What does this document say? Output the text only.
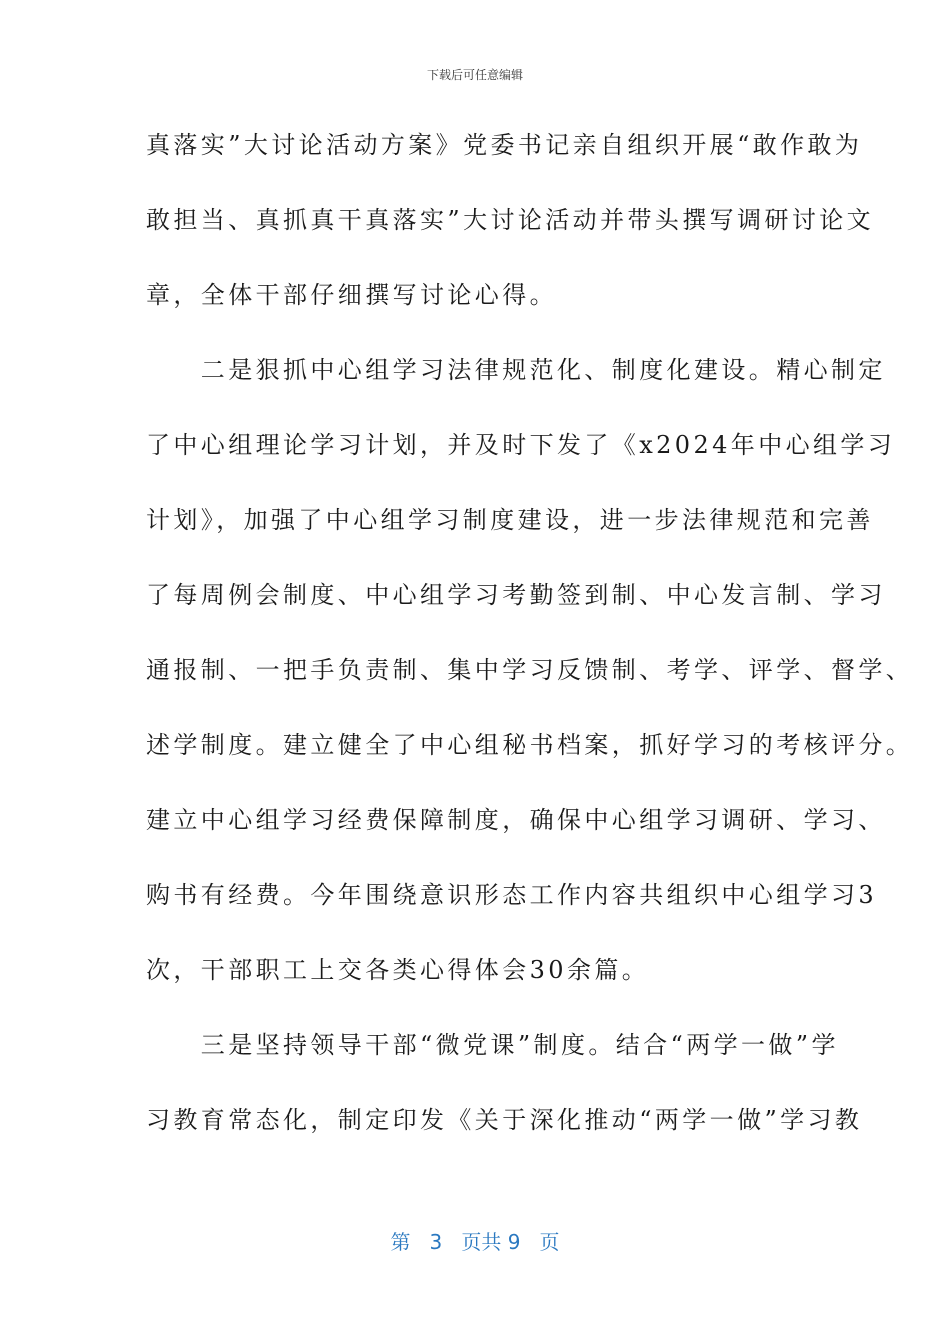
下载后可任意编辑
真落实”大讨论活动方案》党委书记亲自组织开展“敢作敢为
敢担当、真抓真干真落实”大讨论活动并带头撰写调研讨论文
章，全体干部仔细撰写讨论心得。
　　二是狠抓中心组学习法律规范化、制度化建设。精心制定
了中心组理论学习计划，并及时下发了《x2024年中心组学习
计划》，加强了中心组学习制度建设，进一步法律规范和完善
了每周例会制度、中心组学习考勤签到制、中心发言制、学习
通报制、一把手负责制、集中学习反馈制、考学、评学、督学、
述学制度。建立健全了中心组秘书档案，抓好学习的考核评分。
建立中心组学习经费保障制度，确保中心组学习调研、学习、
购书有经费。今年围绕意识形态工作内容共组织中心组学习3
次，干部职工上交各类心得体会30余篇。
　　三是坚持领导干部“微党课”制度。结合“两学一做”学
习教育常态化，制定印发《关于深化推动“两学一做”学习教
第 3 页共 9 页
